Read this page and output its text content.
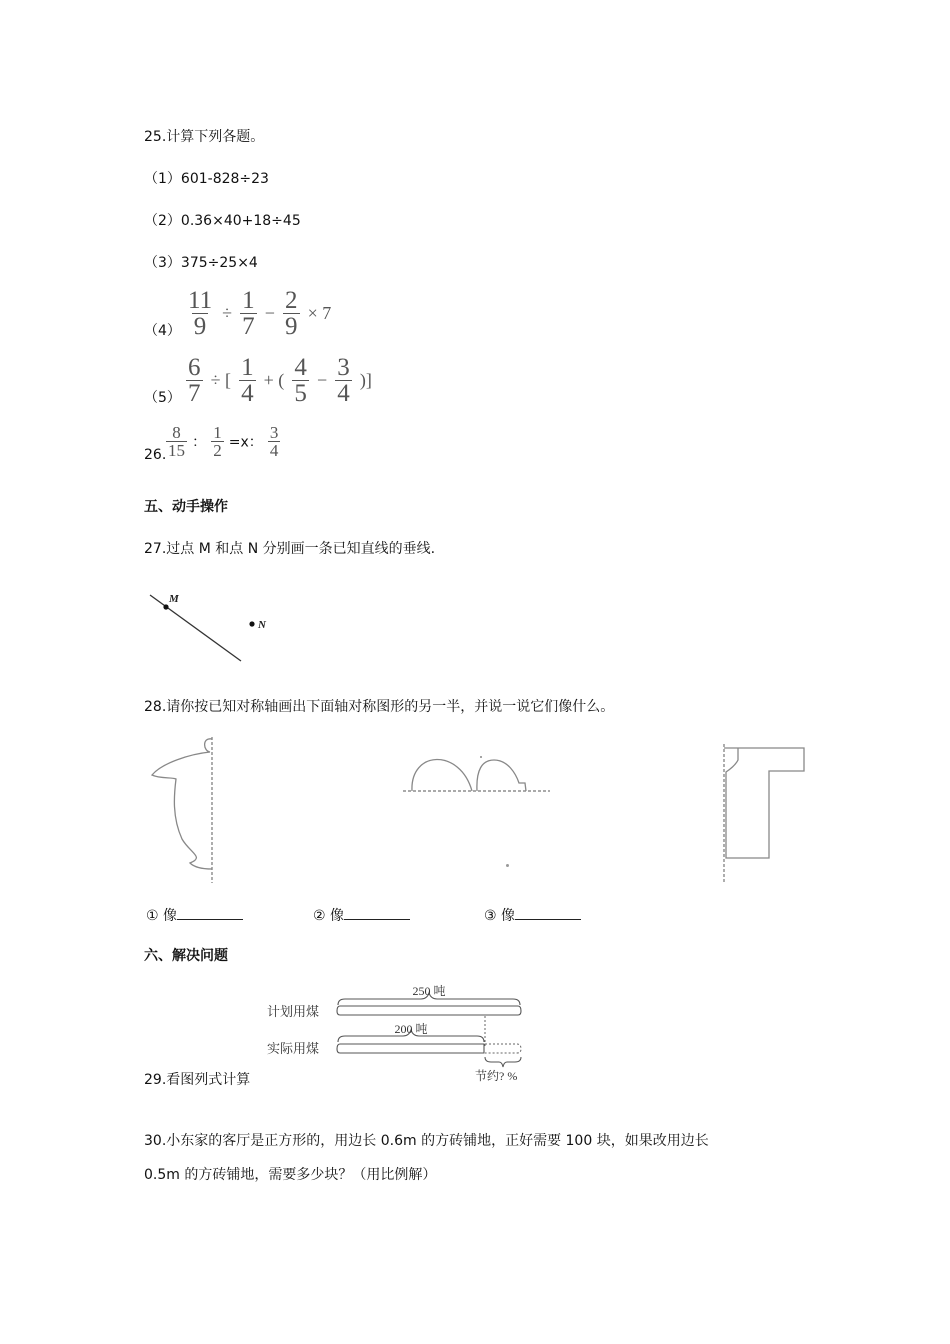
25.计算下列各题。
（1）601-828÷23
（2）0.36×40+18÷45
（3）375÷25×4
$(4) \frac{11}{9} \div \frac{1}{7} - \frac{2}{9} \times 7$
$(5) \frac{6}{7}$ ÷ [ $\frac{1}{4}$ + ( $\frac{4}{5} - \frac{3}{4}$ )]
26. $\frac{8}{15}$ ： $\frac{1}{2} =x$： $\frac{3}{4}$
五、动手操作
27.过点 M 和点 N 分别画一条已知直线的垂线.
M
N
28.请你按已知对称轴画出下面轴对称图形的另一半，并说一说它们像什么。
① 像	② 像	③ 像
六、解决问题
计划用煤
实际用煤
250 吨
200 吨
节约? %
29.看图列式计算
30.小东家的客厅是正方形的，用边长 0.6m 的方砖铺地，正好需要 100 块，如果改用边长
0.5m 的方砖铺地，需要多少块？（用比例解）
